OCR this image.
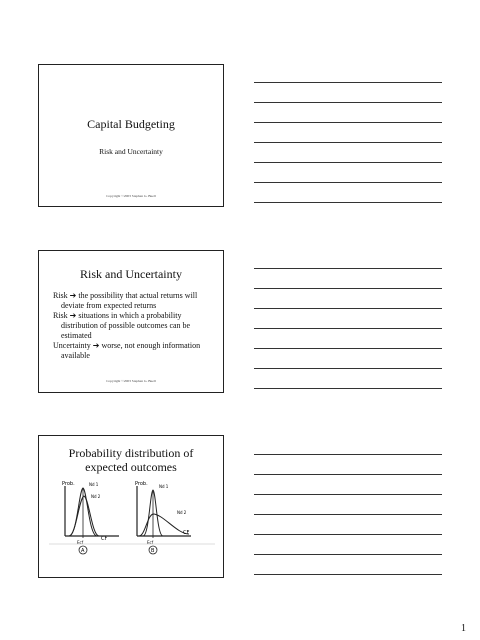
Capital Budgeting
Risk and Uncertainty
Copyright ©2003 Stephen G. Buell
Risk and Uncertainty
Risk ➔ the possibility that actual returns will
deviate from expected returns
Risk ➔ situations in which a probability
distribution of possible outcomes can be
estimated
Uncertainty ➔ worse, not enough information
available
Copyright ©2003 Stephen G. Buell
Probability distribution of
expected outcomes
Prob.	Nd 1
Nd 2
CF
Ecf
A
Prob.	Nd 1
Nd 2
CF
Ecf
B
1
